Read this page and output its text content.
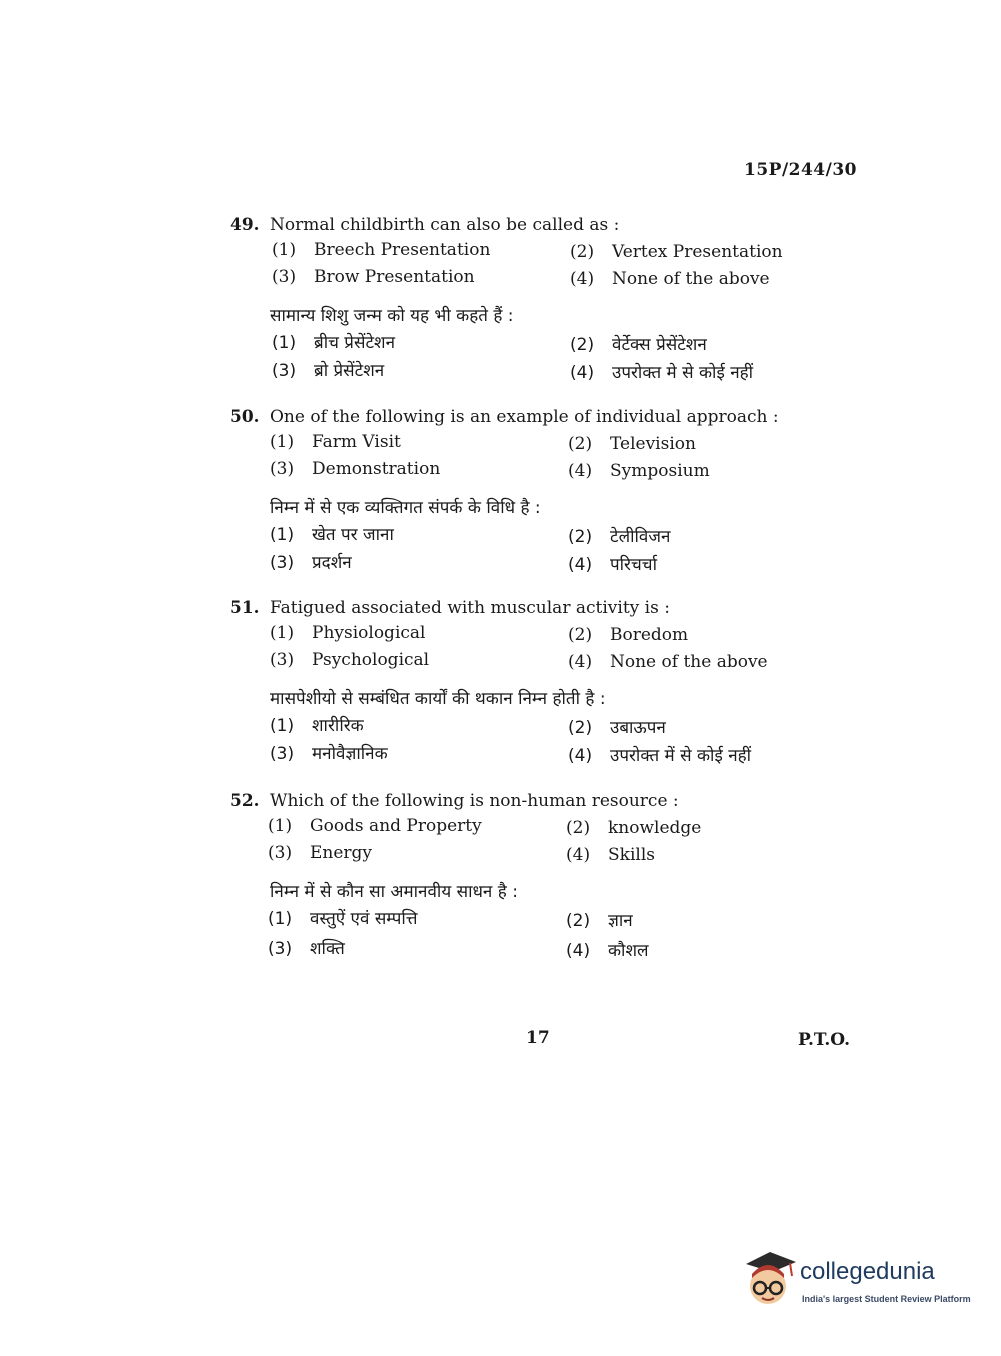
15P/244/30
49. Normal childbirth can also be called as :
(1) Breech Presentation	(2) Vertex Presentation
(3) Brow Presentation	(4) None of the above
सामान्य शिशु जन्म को यह भी कहते हैं :
(1) ब्रीच प्रेसेंटेशन	(2) वेर्टेक्स प्रेसेंटेशन
(3) ब्रो प्रेसेंटेशन	(4) उपरोक्त मे से कोई नहीं
50. One of the following is an example of individual approach :
(1) Farm Visit	(2) Television
(3) Demonstration	(4) Symposium
निम्न में से एक व्यक्तिगत संपर्क के विधि है :
(1) खेत पर जाना	(2) टेलीविजन
(3) प्रदर्शन	(4) परिचर्चा
51. Fatigued associated with muscular activity is :
(1) Physiological	(2) Boredom
(3) Psychological	(4) None of the above
मासपेशीयो से सम्बंधित कार्यों की थकान निम्न होती है :
(1) शारीरिक	(2) उबाऊपन
(3) मनोवैज्ञानिक	(4) उपरोक्त में से कोई नहीं
52. Which of the following is non-human resource :
(1) Goods and Property	(2) knowledge
(3) Energy	(4) Skills
निम्न में से कौन सा अमानवीय साधन है :
(1) वस्तुऐं एवं सम्पत्ति	(2) ज्ञान
(3) शक्ति	(4) कौशल
17	P.T.O.
collegedunia
India's largest Student Review Platform
